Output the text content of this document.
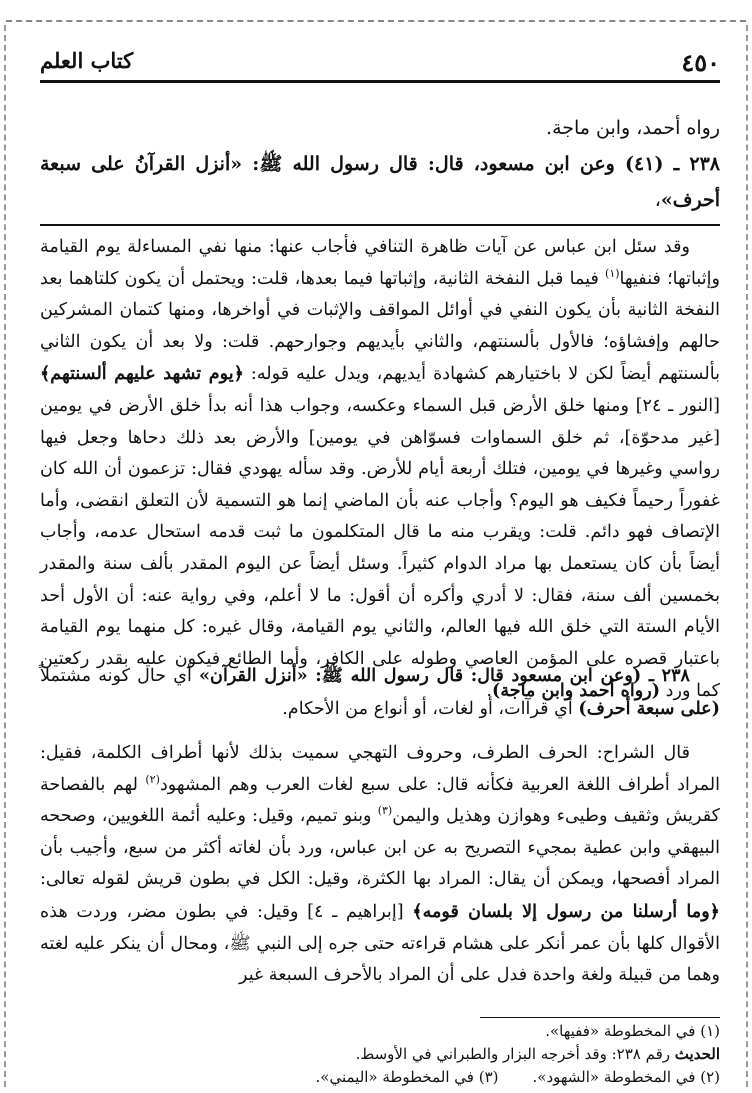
٤٥٠
كتاب العلم

رواه أحمد، وابن ماجة.

٢٣٨ ـ (٤١) وعن ابن مسعود، قال: قال رسول الله ﷺ: «أنزل القرآنُ على سبعة أحرف»،

وقد سئل ابن عباس عن آيات ظاهرة التنافي فأجاب عنها: منها نفي المساءلة يوم القيامة وإثباتها؛ فنفيها$^{(١)}$ فيما قبل النفخة الثانية، وإثباتها فيما بعدها، قلت: ويحتمل أن يكون كلتاهما بعد النفخة الثانية بأن يكون النفي في أوائل المواقف والإثبات في أواخرها، ومنها كتمان المشركين حالهم وإفشاؤه؛ فالأول بألسنتهم، والثاني بأيديهم وجوارحهم. قلت: ولا بعد أن يكون الثاني بألسنتهم أيضاً لكن لا باختيارهم كشهادة أيديهم، ويدل عليه قوله: ﴿يوم تشهد عليهم ألسنتهم﴾ [النور ـ ٢٤] ومنها خلق الأرض قبل السماء وعكسه، وجواب هذا أنه بدأ خلق الأرض في يومين [غير مدحوّة]، ثم خلق السماوات فسوّاهن في يومين] والأرض بعد ذلك دحاها وجعل فيها رواسي وغيرها في يومين، فتلك أربعة أيام للأرض. وقد سأله يهودي فقال: تزعمون أن الله كان غفوراً رحيماً فكيف هو اليوم؟ وأجاب عنه بأن الماضي إنما هو التسمية لأن التعلق انقضى، وأما الإتصاف فهو دائم. قلت: ويقرب منه ما قال المتكلمون ما ثبت قدمه استحال عدمه، وأجاب أيضاً بأن كان يستعمل بها مراد الدوام كثيراً. وسئل أيضاً عن اليوم المقدر بألف سنة والمقدر بخمسين ألف سنة، فقال: لا أدري وأكره أن أقول: ما لا أعلم، وفي رواية عنه: أن الأول أحد الأيام الستة التي خلق الله فيها العالم، والثاني يوم القيامة، وقال غيره: كل منهما يوم القيامة باعتبار قصره على المؤمن العاصي وطوله على الكافر، وأما الطائع فيكون عليه بقدر ركعتين كما ورد (رواه أحمد وابن ماجة).

٢٣٨ ـ (وعن ابن مسعود قال: قال رسول الله ﷺ: «أنزل القرآن» أي حال كونه مشتملاً (على سبعة أحرف) أي قرآات، أو لغات، أو أنواع من الأحكام.

قال الشراح: الحرف الطرف، وحروف التهجي سميت بذلك لأنها أطراف الكلمة، فقيل: المراد أطراف اللغة العربية فكأنه قال: على سبع لغات العرب وهم المشهود$^{(٢)}$ لهم بالفصاحة كقريش وثقيف وطيىء وهوازن وهذيل واليمن$^{(٣)}$ وبنو تميم، وقيل: وعليه أئمة اللغويين، وصححه البيهقي وابن عطية بمجيء التصريح به عن ابن عباس، ورد بأن لغاته أكثر من سبع، وأجيب بأن المراد أفصحها، ويمكن أن يقال: المراد بها الكثرة، وقيل: الكل في بطون قريش لقوله تعالى: ﴿وما أرسلنا من رسول إلا بلسان قومه﴾ [إبراهيم ـ ٤] وقيل: في بطون مضر، وردت هذه الأقوال كلها بأن عمر أنكر على هشام قراءته حتى جره إلى النبي ﷺ، ومحال أن ينكر عليه لغته وهما من قبيلة ولغة واحدة فدل على أن المراد بالأحرف السبعة غير

(١) في المخطوطة «ففيها».
الحديث رقم ٢٣٨: وقد أخرجه البزار والطبراني في الأوسط.
(٢) في المخطوطة «الشهود».(٣) في المخطوطة «اليمني».
